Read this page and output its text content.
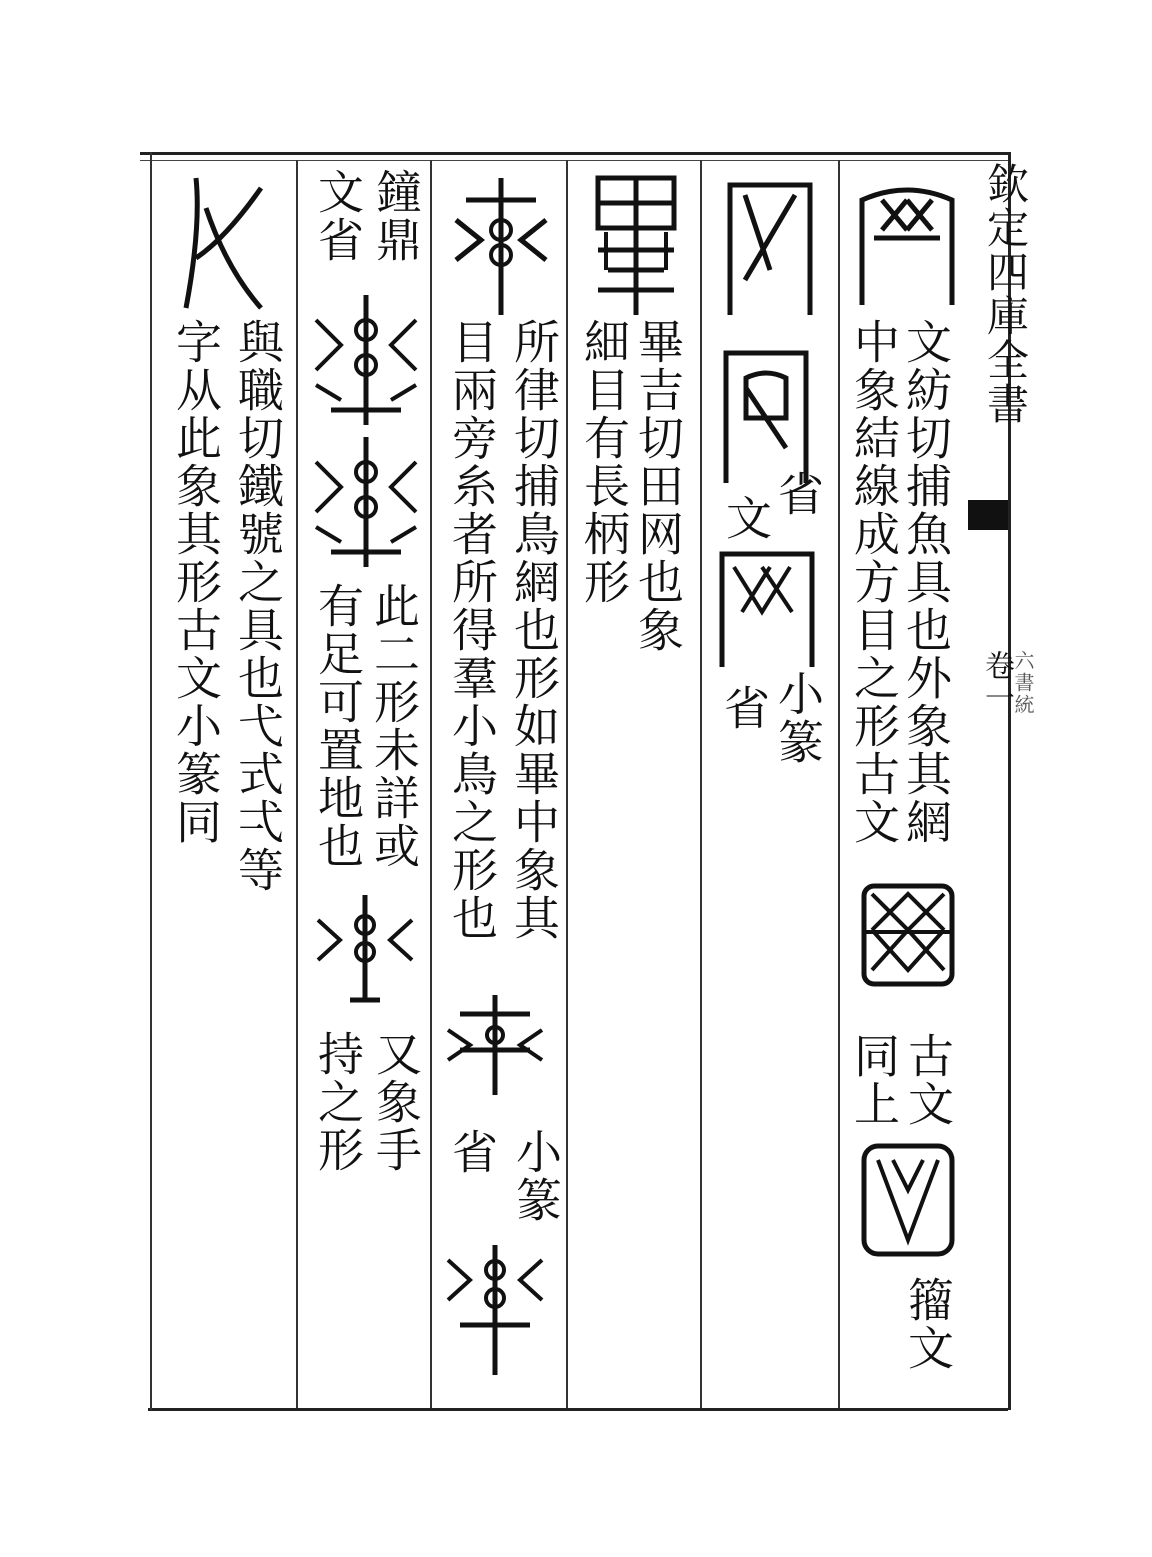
欽定四庫全書
卷一
六書統
文紡切捕魚具也外象其網
中象結線成方目之形古文
古文
同上
籀文
省
文
小篆
省
畢吉切田网也象
細目有長柄形
所律切捕鳥網也形如畢中象其
目兩旁糸者所得羣小鳥之形也
小篆
省
鐘鼎
文省
此二形未詳或
有足可置地也
又象手
持之形
與職切鐵號之具也弋式弌等
字从此象其形古文小篆同
